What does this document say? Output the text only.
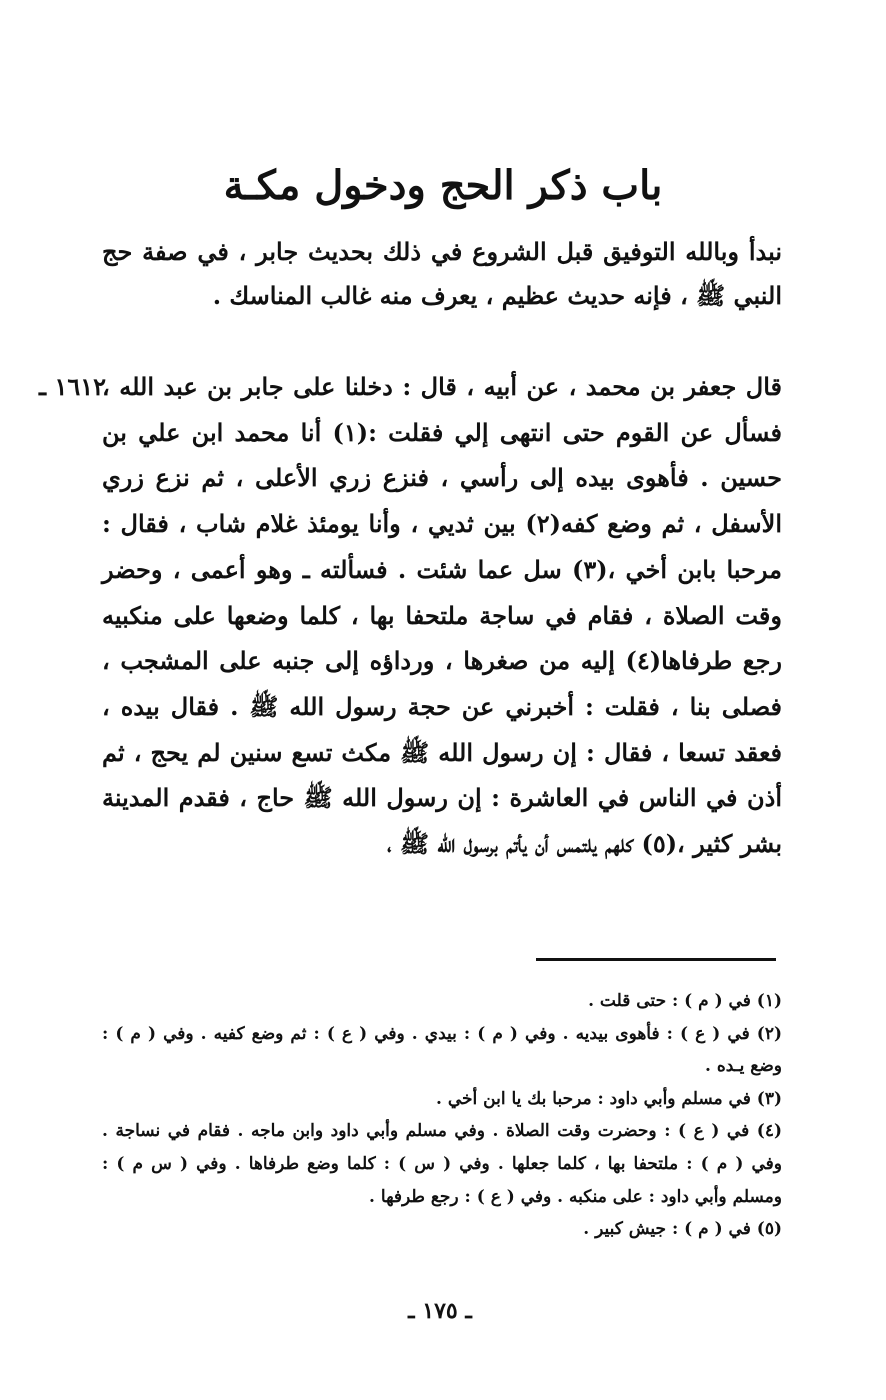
باب ذكر الحج ودخول مكـة

نبدأ وبالله التوفيق قبل الشروع في ذلك بحديث جابر ، في صفة حج النبي ﷺ ، فإنه حديث عظيم ، يعرف منه غالب المناسك .

١٦١٢ ـ

قال جعفر بن محمد ، عن أبيه ، قال : دخلنا على جابر بن عبد الله ، فسأل عن القوم حتى انتهى إلي فقلت :(١) أنا محمد ابن علي بن حسين . فأهوى بيده إلى رأسي ، فنزع زري الأعلى ، ثم نزع زري الأسفل ، ثم وضع كفه(٢) بين ثديي ، وأنا يومئذ غلام شاب ، فقال : مرحبا بابن أخي ،(٣) سل عما شئت . فسألته ـ وهو أعمى ، وحضر وقت الصلاة ، فقام في ساجة ملتحفا بها ، كلما وضعها على منكبيه رجع طرفاها(٤) إليه من صغرها ، ورداؤه إلى جنبه على المشجب ، فصلى بنا ، فقلت : أخبرني عن حجة رسول الله ﷺ . فقال بيده ، فعقد تسعا ، فقال : إن رسول الله ﷺ مكث تسع سنين لم يحج ، ثم أذن في الناس في العاشرة : إن رسول الله ﷺ حاج ، فقدم المدينة بشر كثير ،(٥) كلهم يلتمس أن يأتم برسول الله ﷺ ،

(١) في ( م ) : حتى قلت .
(٢) في ( ع ) : فأهوى بيديه . وفي ( م ) : بيدي . وفي ( ع ) : ثم وضع كفيه . وفي ( م ) : وضع يـده .
(٣) في مسلم وأبي داود : مرحبا بك يا ابن أخي .
(٤) في ( ع ) : وحضرت وقت الصلاة . وفي مسلم وأبي داود وابن ماجه . فقام في نساجة . وفي ( م ) : ملتحفا بها ، كلما جعلها . وفي ( س ) : كلما وضع طرفاها . وفي ( س م ) : ومسلم وأبي داود : على منكبه . وفي ( ع ) : رجع طرفها .
(٥) في ( م ) : جيش كبير .
ـ ١٧٥ ـ
